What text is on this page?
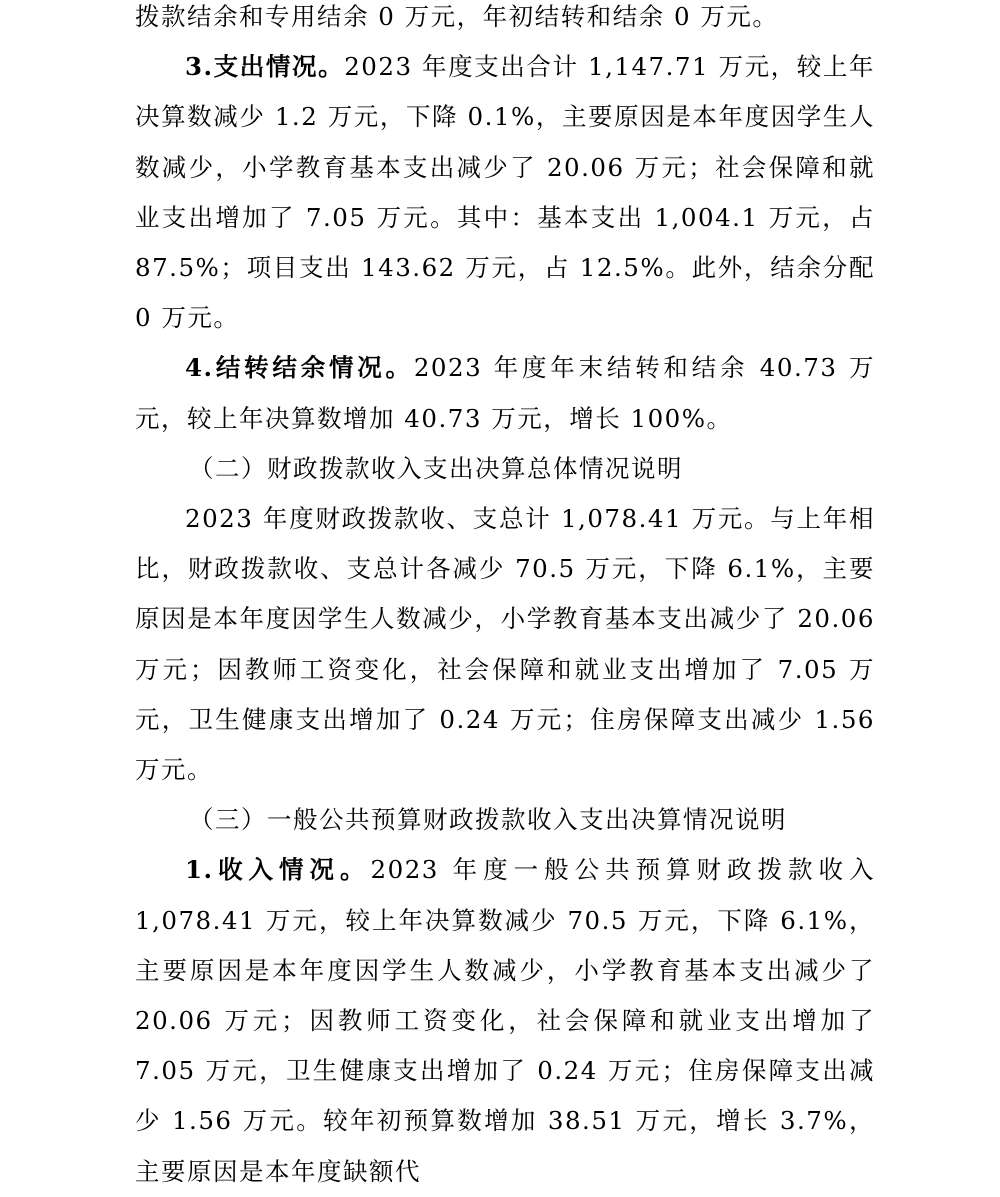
拨款结余和专用结余 0 万元，年初结转和结余 0 万元。

3.支出情况。2023 年度支出合计 1,147.71 万元，较上年决算数减少 1.2 万元，下降 0.1%，主要原因是本年度因学生人数减少，小学教育基本支出减少了 20.06 万元；社会保障和就业支出增加了 7.05 万元。其中：基本支出 1,004.1 万元，占 87.5%；项目支出 143.62 万元，占 12.5%。此外，结余分配 0 万元。

4.结转结余情况。2023 年度年末结转和结余 40.73 万元，较上年决算数增加 40.73 万元，增长 100%。

（二）财政拨款收入支出决算总体情况说明

2023 年度财政拨款收、支总计 1,078.41 万元。与上年相比，财政拨款收、支总计各减少 70.5 万元，下降 6.1%，主要原因是本年度因学生人数减少，小学教育基本支出减少了 20.06 万元；因教师工资变化，社会保障和就业支出增加了 7.05 万元，卫生健康支出增加了 0.24 万元；住房保障支出减少 1.56 万元。

（三）一般公共预算财政拨款收入支出决算情况说明

1.收入情况。2023 年度一般公共预算财政拨款收入 1,078.41 万元，较上年决算数减少 70.5 万元，下降 6.1%，主要原因是本年度因学生人数减少，小学教育基本支出减少了 20.06 万元；因教师工资变化，社会保障和就业支出增加了 7.05 万元，卫生健康支出增加了 0.24 万元；住房保障支出减少 1.56 万元。较年初预算数增加 38.51 万元，增长 3.7%，主要原因是本年度缺额代
